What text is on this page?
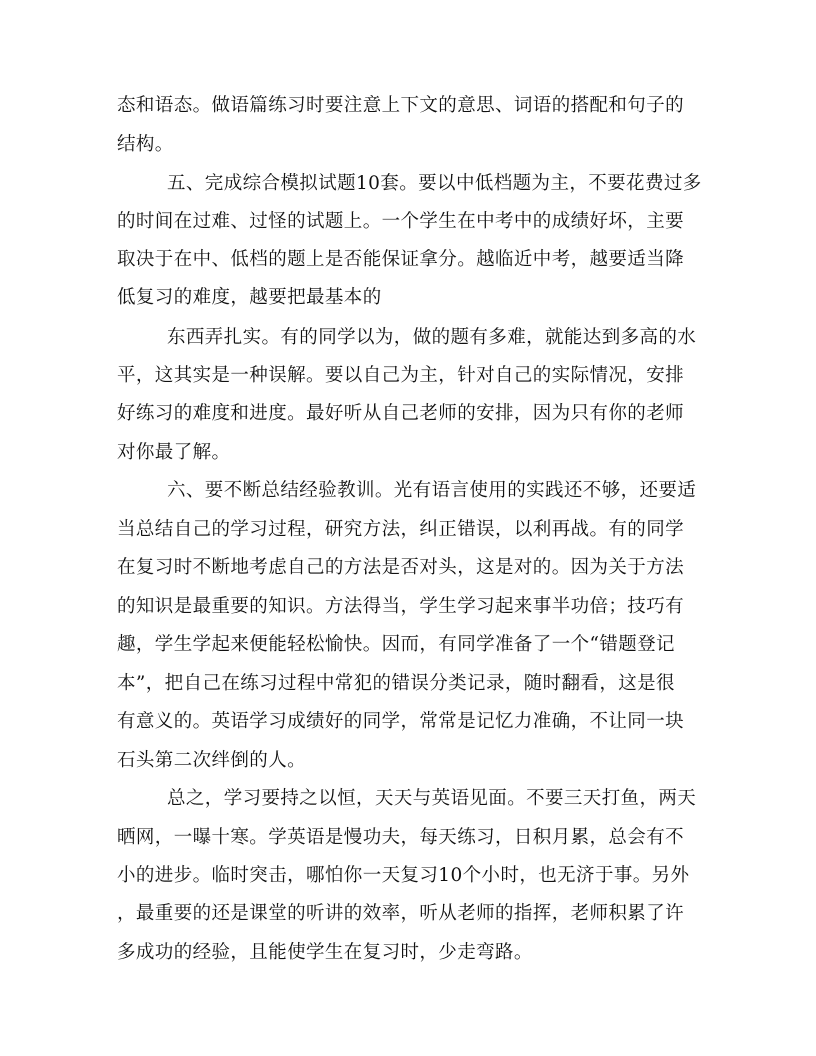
态和语态。做语篇练习时要注意上下文的意思、词语的搭配和句子的
结构。
五、完成综合模拟试题10套。要以中低档题为主，不要花费过多
的时间在过难、过怪的试题上。一个学生在中考中的成绩好坏，主要
取决于在中、低档的题上是否能保证拿分。越临近中考，越要适当降
低复习的难度，越要把最基本的
东西弄扎实。有的同学以为，做的题有多难，就能达到多高的水
平，这其实是一种误解。要以自己为主，针对自己的实际情况，安排
好练习的难度和进度。最好听从自己老师的安排，因为只有你的老师
对你最了解。
六、要不断总结经验教训。光有语言使用的实践还不够，还要适
当总结自己的学习过程，研究方法，纠正错误，以利再战。有的同学
在复习时不断地考虑自己的方法是否对头，这是对的。因为关于方法
的知识是最重要的知识。方法得当，学生学习起来事半功倍；技巧有
趣，学生学起来便能轻松愉快。因而，有同学准备了一个“错题登记
本”，把自己在练习过程中常犯的错误分类记录，随时翻看，这是很
有意义的。英语学习成绩好的同学，常常是记忆力准确，不让同一块
石头第二次绊倒的人。
总之，学习要持之以恒，天天与英语见面。不要三天打鱼，两天
晒网，一曝十寒。学英语是慢功夫，每天练习，日积月累，总会有不
小的进步。临时突击，哪怕你一天复习10个小时，也无济于事。另外
，最重要的还是课堂的听讲的效率，听从老师的指挥，老师积累了许
多成功的经验，且能使学生在复习时，少走弯路。
